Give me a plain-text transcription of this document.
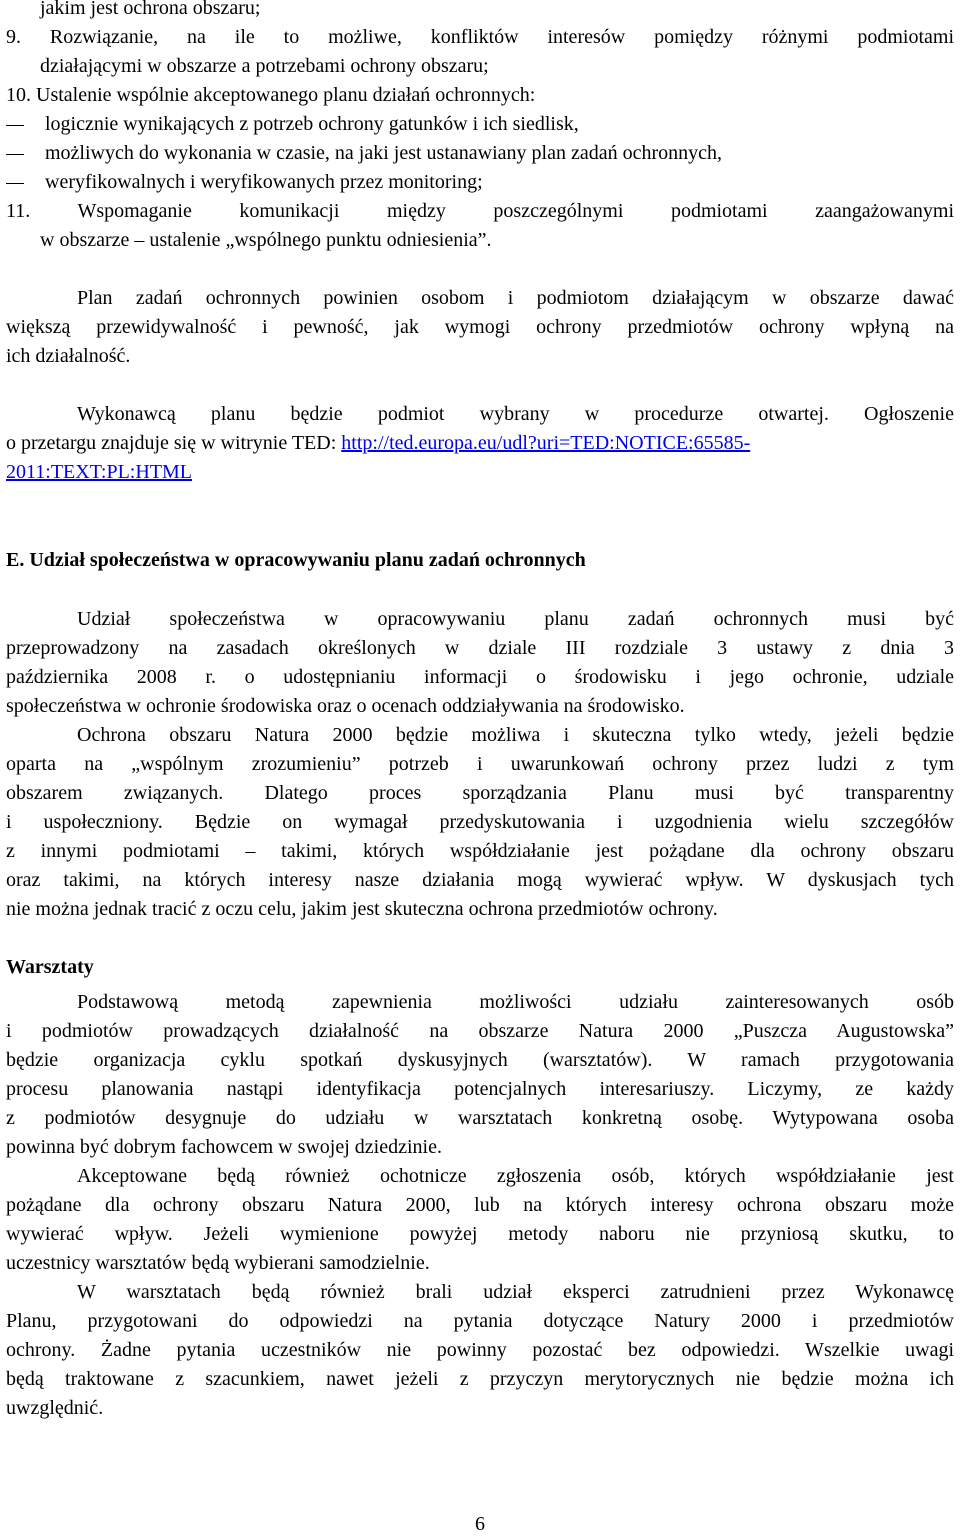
jakim jest ochrona obszaru;
9. Rozwiązanie, na ile to możliwe, konfliktów interesów pomiędzy różnymi podmiotami
działającymi w obszarze a potrzebami ochrony obszaru;
10. Ustalenie wspólnie akceptowanego planu działań ochronnych:
logicznie wynikających z potrzeb ochrony gatunków i ich siedlisk,
możliwych do wykonania w czasie, na jaki jest ustanawiany plan zadań ochronnych,
weryfikowalnych i weryfikowanych przez monitoring;
11. Wspomaganie komunikacji między poszczególnymi podmiotami zaangażowanymi
w obszarze – ustalenie „wspólnego punktu odniesienia”.
Plan zadań ochronnych powinien osobom i podmiotom działającym w obszarze dawać
większą przewidywalność i pewność, jak wymogi ochrony przedmiotów ochrony wpłyną na
ich działalność.
Wykonawcą planu będzie podmiot wybrany w procedurze otwartej. Ogłoszenie
o przetargu znajduje się w witrynie TED: http://ted.europa.eu/udl?uri=TED:NOTICE:65585-
2011:TEXT:PL:HTML
E. Udział społeczeństwa w opracowywaniu planu zadań ochronnych
Udział społeczeństwa w opracowywaniu planu zadań ochronnych musi być
przeprowadzony na zasadach określonych w dziale III rozdziale 3 ustawy z dnia 3
października 2008 r. o udostępnianiu informacji o środowisku i jego ochronie, udziale
społeczeństwa w ochronie środowiska oraz o ocenach oddziaływania na środowisko.
Ochrona obszaru Natura 2000 będzie możliwa i skuteczna tylko wtedy, jeżeli będzie
oparta na „wspólnym zrozumieniu” potrzeb i uwarunkowań ochrony przez ludzi z tym
obszarem związanych. Dlatego proces sporządzania Planu musi być transparentny
i uspołeczniony. Będzie on wymagał przedyskutowania i uzgodnienia wielu szczegółów
z innymi podmiotami – takimi, których współdziałanie jest pożądane dla ochrony obszaru
oraz takimi, na których interesy nasze działania mogą wywierać wpływ. W dyskusjach tych
nie można jednak tracić z oczu celu, jakim jest skuteczna ochrona przedmiotów ochrony.
Warsztaty
Podstawową metodą zapewnienia możliwości udziału zainteresowanych osób
i podmiotów prowadzących działalność na obszarze Natura 2000 „Puszcza Augustowska”
będzie organizacja cyklu spotkań dyskusyjnych (warsztatów). W ramach przygotowania
procesu planowania nastąpi identyfikacja potencjalnych interesariuszy. Liczymy, ze każdy
z podmiotów desygnuje do udziału w warsztatach konkretną osobę. Wytypowana osoba
powinna być dobrym fachowcem w swojej dziedzinie.
Akceptowane będą również ochotnicze zgłoszenia osób, których współdziałanie jest
pożądane dla ochrony obszaru Natura 2000, lub na których interesy ochrona obszaru może
wywierać wpływ. Jeżeli wymienione powyżej metody naboru nie przyniosą skutku, to
uczestnicy warsztatów będą wybierani samodzielnie.
W warsztatach będą również brali udział eksperci zatrudnieni przez Wykonawcę
Planu, przygotowani do odpowiedzi na pytania dotyczące Natury 2000 i przedmiotów
ochrony. Żadne pytania uczestników nie powinny pozostać bez odpowiedzi. Wszelkie uwagi
będą traktowane z szacunkiem, nawet jeżeli z przyczyn merytorycznych nie będzie można ich
uwzględnić.
6
